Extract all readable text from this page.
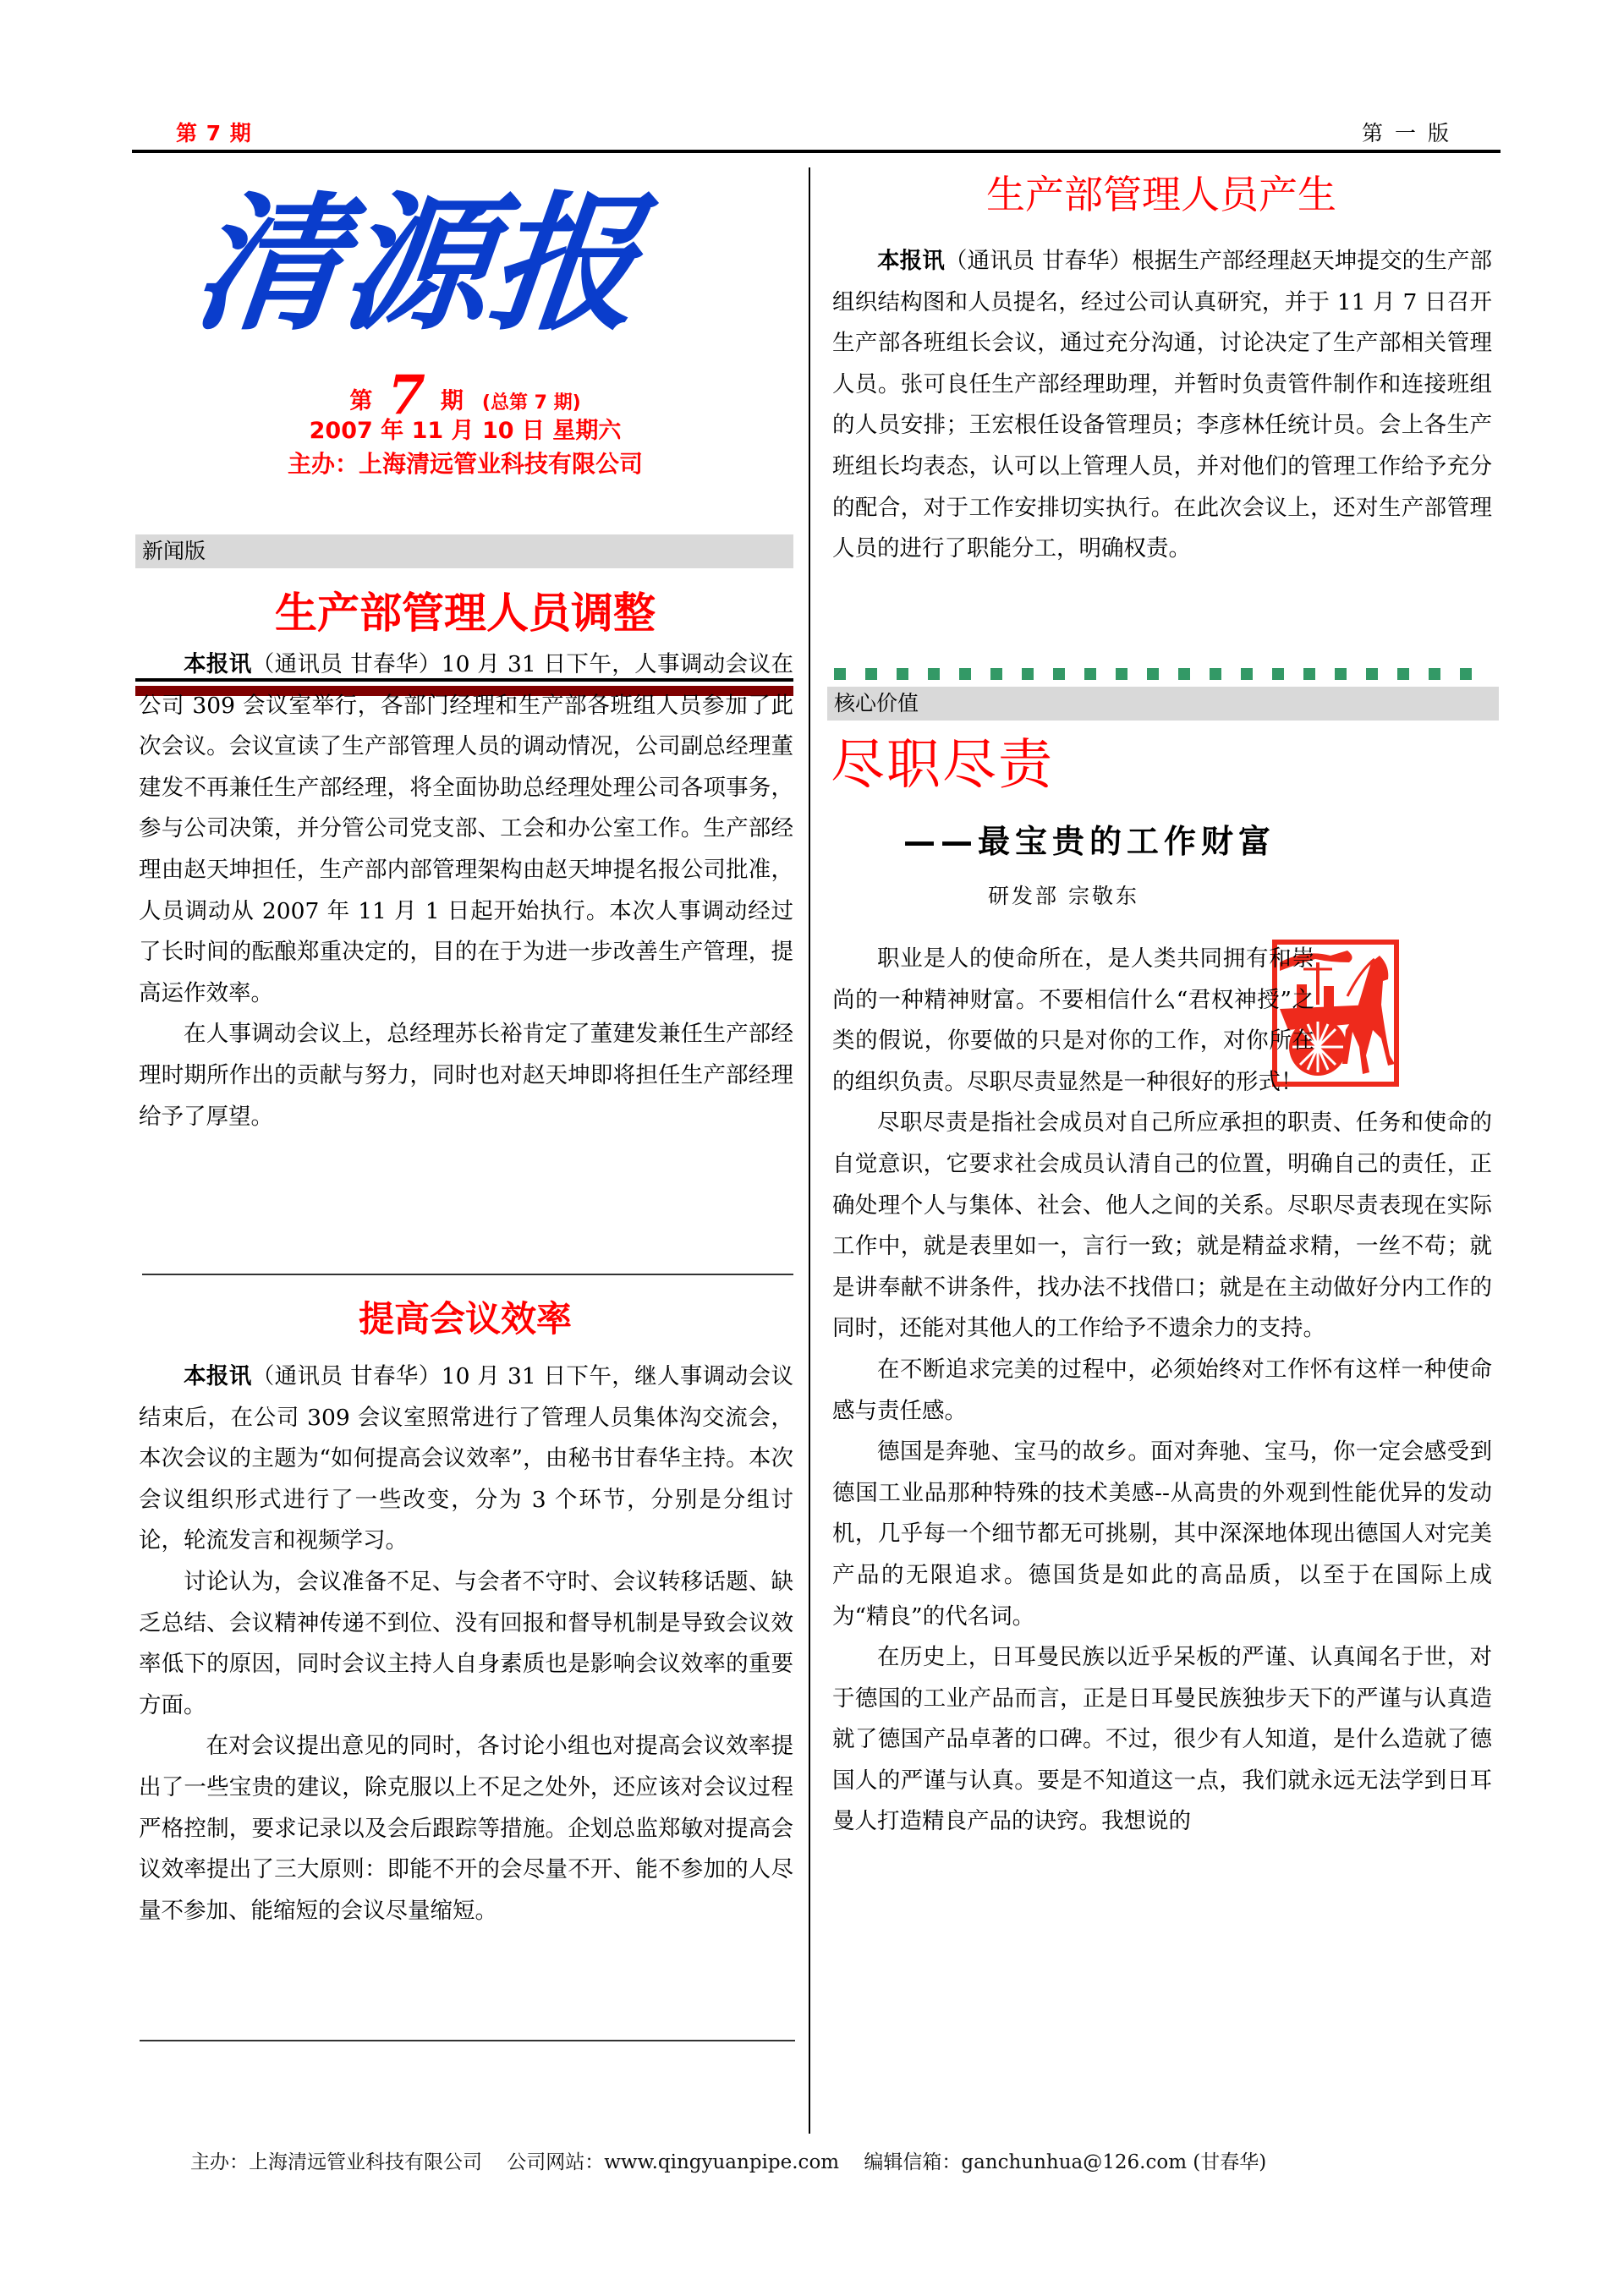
第 7 期	第一版
清
源
报
第 7 期 (总第 7 期)
2007 年 11 月 10 日 星期六
主办：上海清远管业科技有限公司
新闻版
生产部管理人员调整

本报讯（通讯员 甘春华）10 月 31 日下午，人事调动会议在公司 309 会议室举行，各部门经理和生产部各班组人员参加了此次会议。会议宣读了生产部管理人员的调动情况，公司副总经理董建发不再兼任生产部经理，将全面协助总经理处理公司各项事务，参与公司决策，并分管公司党支部、工会和办公室工作。生产部经理由赵天坤担任，生产部内部管理架构由赵天坤提名报公司批准，人员调动从 2007 年 11 月 1 日起开始执行。本次人事调动经过了长时间的酝酿郑重决定的，目的在于为进一步改善生产管理，提高运作效率。

在人事调动会议上，总经理苏长裕肯定了董建发兼任生产部经理时期所作出的贡献与努力，同时也对赵天坤即将担任生产部经理给予了厚望。

提高会议效率

本报讯（通讯员 甘春华）10 月 31 日下午，继人事调动会议结束后，在公司 309 会议室照常进行了管理人员集体沟交流会，本次会议的主题为“如何提高会议效率”，由秘书甘春华主持。本次会议组织形式进行了一些改变，分为 3 个环节，分别是分组讨论，轮流发言和视频学习。

讨论认为，会议准备不足、与会者不守时、会议转移话题、缺乏总结、会议精神传递不到位、没有回报和督导机制是导致会议效率低下的原因，同时会议主持人自身素质也是影响会议效率的重要方面。

在对会议提出意见的同时，各讨论小组也对提高会议效率提出了一些宝贵的建议，除克服以上不足之处外，还应该对会议过程严格控制，要求记录以及会后跟踪等措施。企划总监郑敏对提高会议效率提出了三大原则：即能不开的会尽量不开、能不参加的人尽量不参加、能缩短的会议尽量缩短。

生产部管理人员产生

本报讯（通讯员 甘春华）根据生产部经理赵天坤提交的生产部组织结构图和人员提名，经过公司认真研究，并于 11 月 7 日召开生产部各班组长会议，通过充分沟通，讨论决定了生产部相关管理人员。张可良任生产部经理助理，并暂时负责管件制作和连接班组的人员安排；王宏根任设备管理员；李彦林任统计员。会上各生产班组长均表态，认可以上管理人员，并对他们的管理工作给予充分的配合，对于工作安排切实执行。在此次会议上，还对生产部管理人员的进行了职能分工，明确权责。

核心价值
尽职尽责
——最宝贵的工作财富
研发部 宗敬东

职业是人的使命所在，是人类共同拥有和崇尚的一种精神财富。不要相信什么“君权神授”之类的假说，你要做的只是对你的工作，对你所在的组织负责。尽职尽责显然是一种很好的形式！

尽职尽责是指社会成员对自己所应承担的职责、任务和使命的自觉意识，它要求社会成员认清自己的位置，明确自己的责任，正确处理个人与集体、社会、他人之间的关系。尽职尽责表现在实际工作中，就是表里如一，言行一致；就是精益求精，一丝不苟；就是讲奉献不讲条件，找办法不找借口；就是在主动做好分内工作的同时，还能对其他人的工作给予不遗余力的支持。

在不断追求完美的过程中，必须始终对工作怀有这样一种使命感与责任感。

德国是奔驰、宝马的故乡。面对奔驰、宝马，你一定会感受到德国工业品那种特殊的技术美感--从高贵的外观到性能优异的发动机，几乎每一个细节都无可挑剔，其中深深地体现出德国人对完美产品的无限追求。德国货是如此的高品质，以至于在国际上成为“精良”的代名词。

在历史上，日耳曼民族以近乎呆板的严谨、认真闻名于世，对于德国的工业产品而言，正是日耳曼民族独步天下的严谨与认真造就了德国产品卓著的口碑。不过，很少有人知道，是什么造就了德国人的严谨与认真。要是不知道这一点，我们就永远无法学到日耳曼人打造精良产品的诀窍。我想说的

主办：上海清远管业科技有限公司    公司网站：www.qingyuanpipe.com    编辑信箱：ganchunhua@126.com (甘春华)
